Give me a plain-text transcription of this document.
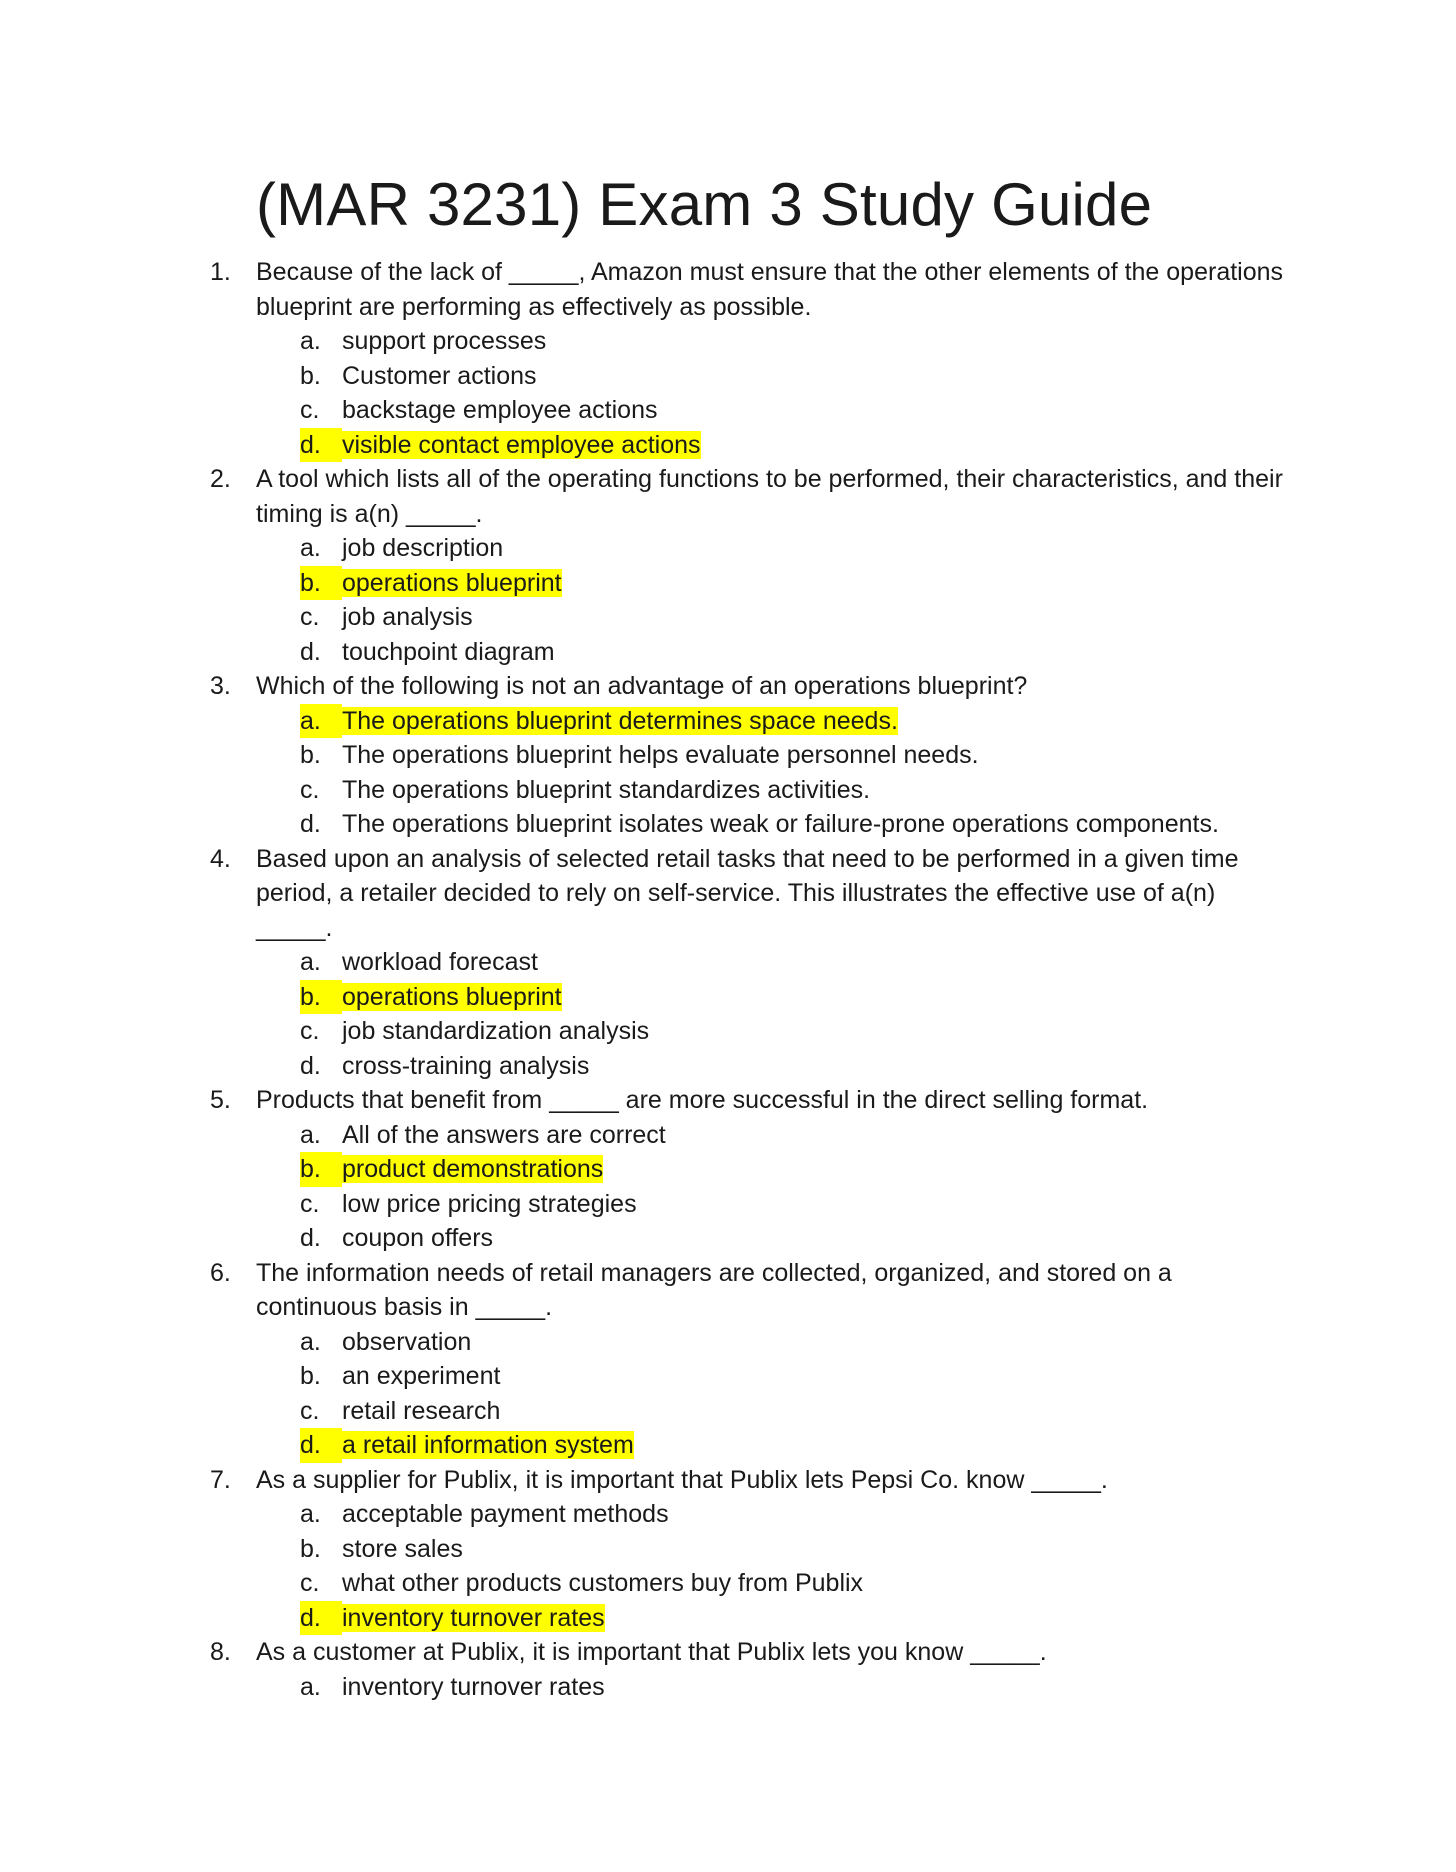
(MAR 3231) Exam 3 Study Guide
1. Because of the lack of _____, Amazon must ensure that the other elements of the operations blueprint are performing as effectively as possible.
a. support processes
b. Customer actions
c. backstage employee actions
d. visible contact employee actions
2. A tool which lists all of the operating functions to be performed, their characteristics, and their timing is a(n) _____.
a. job description
b. operations blueprint
c. job analysis
d. touchpoint diagram
3. Which of the following is not an advantage of an operations blueprint?
a. The operations blueprint determines space needs.
b. The operations blueprint helps evaluate personnel needs.
c. The operations blueprint standardizes activities.
d. The operations blueprint isolates weak or failure-prone operations components.
4. Based upon an analysis of selected retail tasks that need to be performed in a given time period, a retailer decided to rely on self-service. This illustrates the effective use of a(n) _____.
a. workload forecast
b. operations blueprint
c. job standardization analysis
d. cross-training analysis
5. Products that benefit from _____ are more successful in the direct selling format.
a. All of the answers are correct
b. product demonstrations
c. low price pricing strategies
d. coupon offers
6. The information needs of retail managers are collected, organized, and stored on a continuous basis in _____.
a. observation
b. an experiment
c. retail research
d. a retail information system
7. As a supplier for Publix, it is important that Publix lets Pepsi Co. know _____.
a. acceptable payment methods
b. store sales
c. what other products customers buy from Publix
d. inventory turnover rates
8. As a customer at Publix, it is important that Publix lets you know _____.
a. inventory turnover rates
